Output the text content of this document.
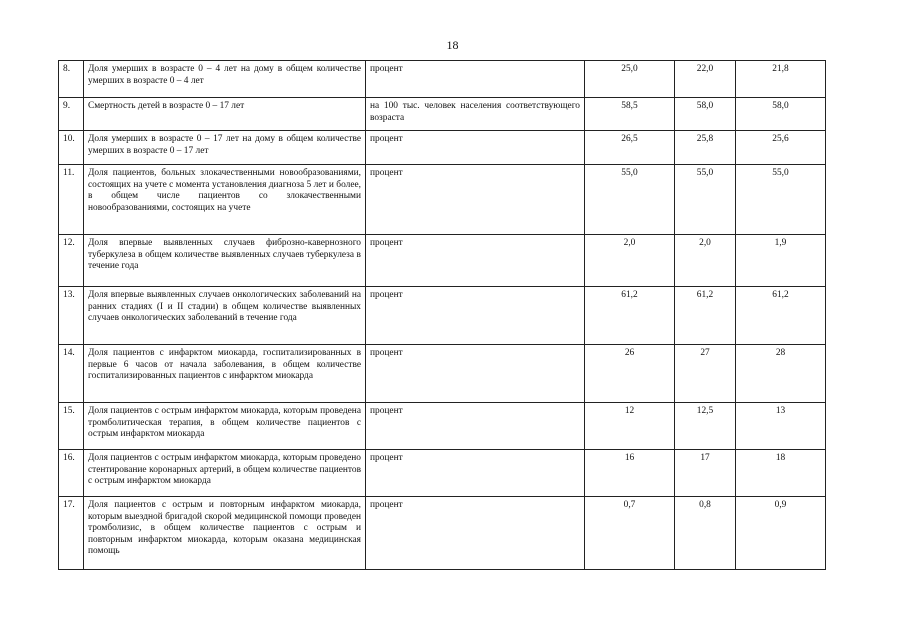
18
8.	Доля умерших в возрасте 0 – 4 лет на дому в общем количестве умерших в возрасте 0 – 4 лет	процент	25,0	22,0	21,8
9.	Смертность детей в возрасте 0 – 17 лет	на 100 тыс. человек населения соответствующего возраста	58,5	58,0	58,0
10.	Доля умерших в возрасте 0 – 17 лет на дому в общем количестве умерших в возрасте 0 – 17 лет	процент	26,5	25,8	25,6
11.	Доля пациентов, больных злокачественными новообразованиями, состоящих на учете с момента установления диагноза 5 лет и более, в общем числе пациентов со злокачественными новообразованиями, состоящих на учете	процент	55,0	55,0	55,0
12.	Доля впервые выявленных случаев фиброзно-кавернозного туберкулеза в общем количестве выявленных случаев туберкулеза в течение года	процент	2,0	2,0	1,9
13.	Доля впервые выявленных случаев онкологических заболеваний на ранних стадиях (I и II стадии) в общем количестве выявленных случаев онкологических заболеваний в течение года	процент	61,2	61,2	61,2
14.	Доля пациентов с инфарктом миокарда, госпитализированных в первые 6 часов от начала заболевания, в общем количестве госпитализированных пациентов с инфарктом миокарда	процент	26	27	28
15.	Доля пациентов с острым инфарктом миокарда, которым проведена тромболитическая терапия, в общем количестве пациентов с острым инфарктом миокарда	процент	12	12,5	13
16.	Доля пациентов с острым инфарктом миокарда, которым проведено стентирование коронарных артерий, в общем количестве пациентов с острым инфарктом миокарда	процент	16	17	18
17.	Доля пациентов с острым и повторным инфарктом миокарда, которым выездной бригадой скорой медицинской помощи проведен тромболизис, в общем количестве пациентов с острым и повторным инфарктом миокарда, которым оказана медицинская помощь	процент	0,7	0,8	0,9
